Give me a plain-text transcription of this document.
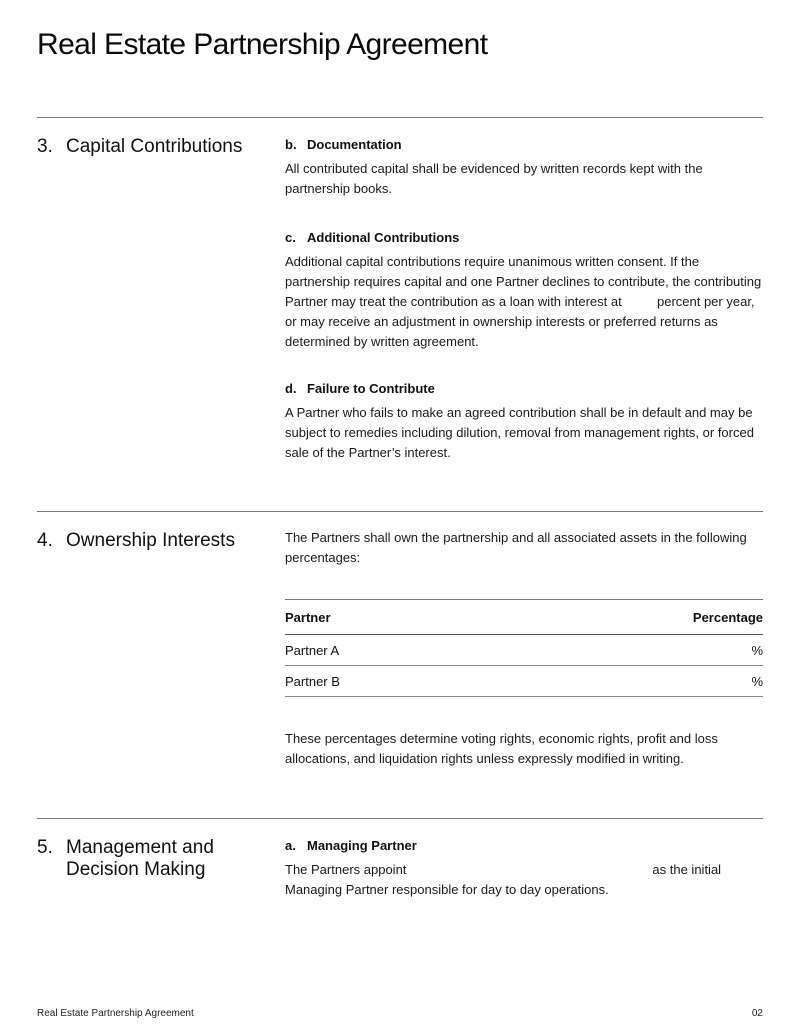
Real Estate Partnership Agreement
3. Capital Contributions	b. Documentation

All contributed capital shall be evidenced by written records kept with the partnership books.

c. Additional Contributions

Additional capital contributions require unanimous written consent. If the partnership requires capital and one Partner declines to contribute, the contributing Partner may treat the contribution as a loan with interest at	percent per year, or may receive an adjustment in ownership interests or preferred returns as determined by written agreement.

d. Failure to Contribute

A Partner who fails to make an agreed contribution shall be in default and may be subject to remedies including dilution, removal from management rights, or forced sale of the Partner’s interest.

4. Ownership Interests	The Partners shall own the partnership and all associated assets in the following percentages:

Partner	Percentage
Partner A	%
Partner B	%

These percentages determine voting rights, economic rights, profit and loss allocations, and liquidation rights unless expressly modified in writing.

5. Management and Decision Making
a. Managing Partner

The Partners appoint	as the initial
Managing Partner responsible for day to day operations.

Real Estate Partnership Agreement	02
